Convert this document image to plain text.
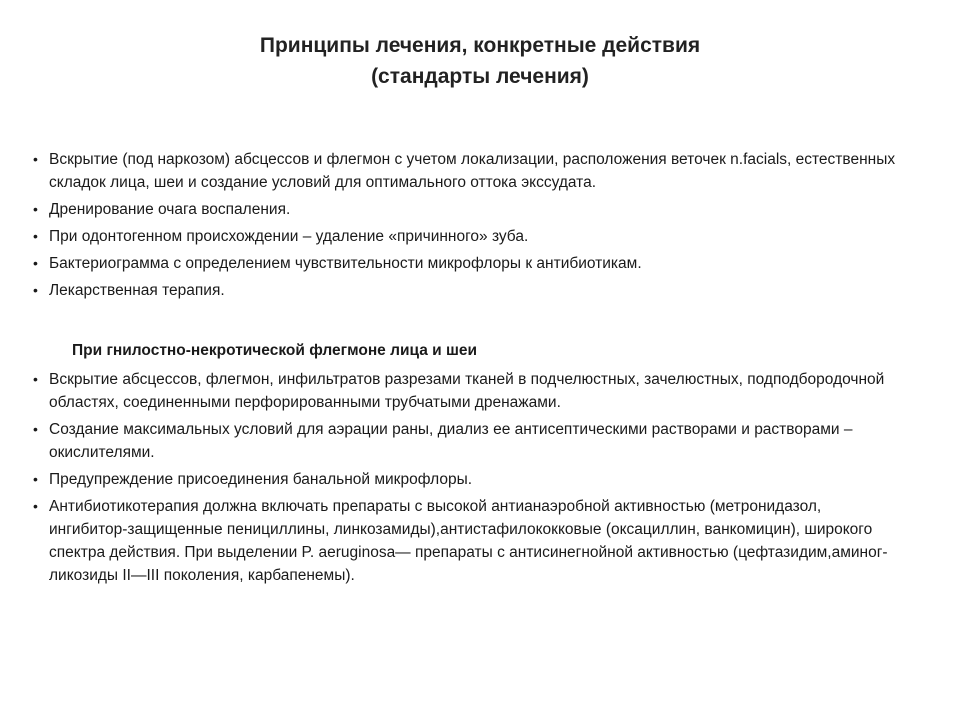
Принципы лечения, конкретные действия
(стандарты лечения)
• Вскрытие (под наркозом) абсцессов и флегмон с учетом локализации, расположения веточек n.facials, естественных складок лица, шеи и создание условий для оптимального оттока экссудата.
• Дренирование очага воспаления.
• При одонтогенном происхождении – удаление «причинного» зуба.
• Бактериограмма с определением чувствительности микрофлоры к антибиотикам.
• Лекарственная терапия.
При гнилостно-некротической флегмоне лица и шеи
• Вскрытие абсцессов, флегмон, инфильтратов разрезами тканей в подчелюстных, зачелюстных, подподбородочной областях, соединенными перфорированными трубчатыми дренажами.
• Создание максимальных условий для аэрации раны, диализ ее антисептическими растворами и растворами – окислителями.
• Предупреждение присоединения банальной микрофлоры.
• Антибиотикотерапия должна включать препараты с высокой антианаэробной активностью (метронидазол, ингибитор-защищенные пенициллины, линкозамиды),антистафилококковые (оксациллин, ванкомицин), широкого спектра действия. При выделении P. aeruginosa— препараты с антисинегнойной активностью (цефтазидим,аминог-ликозиды II—III поколения, карбапенемы).
